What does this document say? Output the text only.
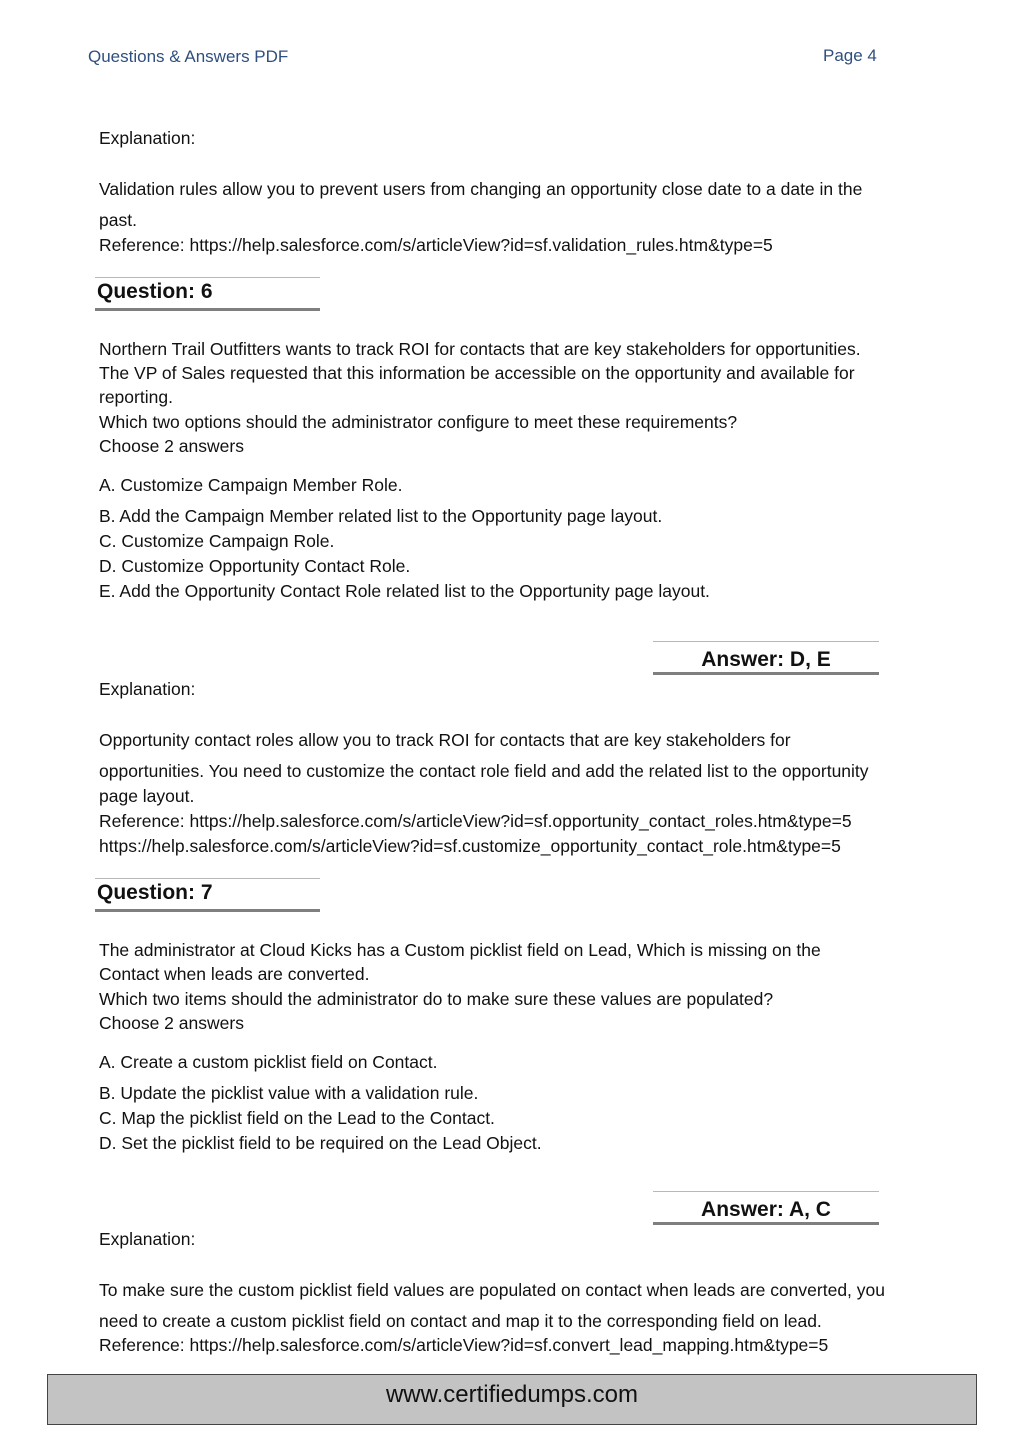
Questions & Answers PDF	Page 4
Explanation:
Validation rules allow you to prevent users from changing an opportunity close date to a date in the
past.
Reference: https://help.salesforce.com/s/articleView?id=sf.validation_rules.htm&type=5
Question: 6
Northern Trail Outfitters wants to track ROI for contacts that are key stakeholders for opportunities.
The VP of Sales requested that this information be accessible on the opportunity and available for
reporting.
Which two options should the administrator configure to meet these requirements?
Choose 2 answers
A. Customize Campaign Member Role.
B. Add the Campaign Member related list to the Opportunity page layout.
C. Customize Campaign Role.
D. Customize Opportunity Contact Role.
E. Add the Opportunity Contact Role related list to the Opportunity page layout.
Answer: D, E
Explanation:
Opportunity contact roles allow you to track ROI for contacts that are key stakeholders for
opportunities. You need to customize the contact role field and add the related list to the opportunity
page layout.
Reference: https://help.salesforce.com/s/articleView?id=sf.opportunity_contact_roles.htm&type=5
https://help.salesforce.com/s/articleView?id=sf.customize_opportunity_contact_role.htm&type=5
Question: 7
The administrator at Cloud Kicks has a Custom picklist field on Lead, Which is missing on the
Contact when leads are converted.
Which two items should the administrator do to make sure these values are populated?
Choose 2 answers
A. Create a custom picklist field on Contact.
B. Update the picklist value with a validation rule.
C. Map the picklist field on the Lead to the Contact.
D. Set the picklist field to be required on the Lead Object.
Answer: A, C
Explanation:
To make sure the custom picklist field values are populated on contact when leads are converted, you
need to create a custom picklist field on contact and map it to the corresponding field on lead.
Reference: https://help.salesforce.com/s/articleView?id=sf.convert_lead_mapping.htm&type=5
www.certifiedumps.com
